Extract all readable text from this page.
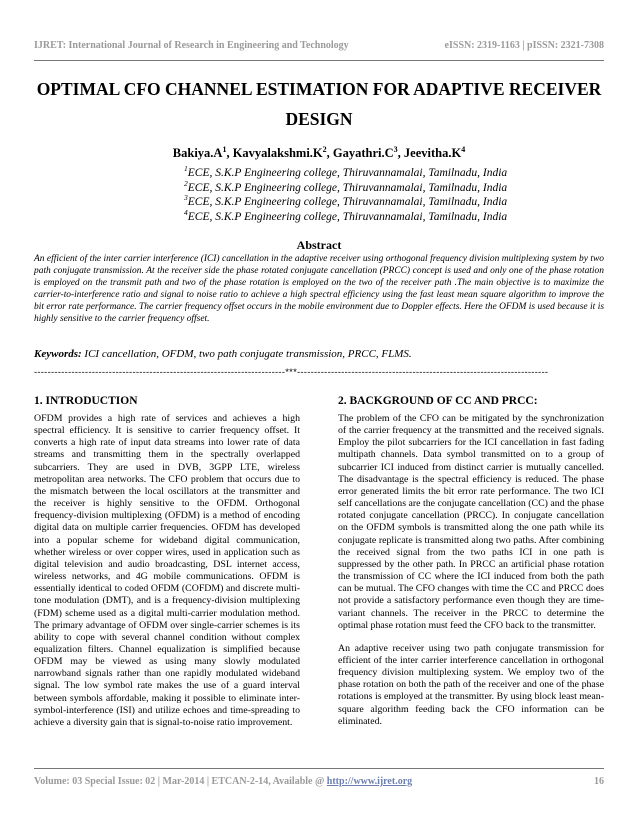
IJRET: International Journal of Research in Engineering and Technology	eISSN: 2319-1163 | pISSN: 2321-7308
OPTIMAL CFO CHANNEL ESTIMATION FOR ADAPTIVE RECEIVER DESIGN
$Bakiya.A^1$, $Kavyalakshmi.K^2$, $Gayathri.C^3$, $Jeevitha.K^4$
$^1$ECE, S.K.P Engineering college, Thiruvannamalai, Tamilnadu, India
$^2$ECE, S.K.P Engineering college, Thiruvannamalai, Tamilnadu, India
$^3$ECE, S.K.P Engineering college, Thiruvannamalai, Tamilnadu, India
$^4$ECE, S.K.P Engineering college, Thiruvannamalai, Tamilnadu, India
Abstract
An efficient of the inter carrier interference (ICI) cancellation in the adaptive receiver using orthogonal frequency division multiplexing system by two path conjugate transmission. At the receiver side the phase rotated conjugate cancellation (PRCC) concept is used and only one of the phase rotation is employed on the transmit path and two of the phase rotation is employed on the two of the receiver path .The main objective is to maximize the carrier-to-interference ratio and signal to noise ratio to achieve a high spectral efficiency using the fast least mean square algorithm to improve the bit error rate performance. The carrier frequency offset occurs in the mobile environment due to Doppler effects. Here the OFDM is used because it is highly sensitive to the carrier frequency offset.
Keywords: ICI cancellation, OFDM, two path conjugate transmission, PRCC, FLMS.
--------------------------------------------------------------------------***--------------------------------------------------------------------------
1. INTRODUCTION

OFDM provides a high rate of services and achieves a high spectral efficiency. It is sensitive to carrier frequency offset. It converts a high rate of input data streams into lower rate of data streams and transmitting them in the spectrally overlapped subcarriers. They are used in DVB, 3GPP LTE, wireless metropolitan area networks. The CFO problem that occurs due to the mismatch between the local oscillators at the transmitter and the receiver is highly sensitive to the OFDM. Orthogonal frequency-division multiplexing (OFDM) is a method of encoding digital data on multiple carrier frequencies. OFDM has developed into a popular scheme for wideband digital communication, whether wireless or over copper wires, used in application such as digital television and audio broadcasting, DSL internet access, wireless networks, and 4G mobile communications. OFDM is essentially identical to coded OFDM (COFDM) and discrete multi-tone modulation (DMT), and is a frequency-division multiplexing (FDM) scheme used as a digital multi-carrier modulation method. The primary advantage of OFDM over single-carrier schemes is its ability to cope with several channel condition without complex equalization filters. Channel equalization is simplified because OFDM may be viewed as using many slowly modulated narrowband signals rather than one rapidly modulated wideband signal. The low symbol rate makes the use of a guard interval between symbols affordable, making it possible to eliminate inter-symbol-interference (ISI) and utilize echoes and time-spreading to achieve a diversity gain that is signal-to-noise ratio improvement.

2. BACKGROUND OF CC AND PRCC:

The problem of the CFO can be mitigated by the synchronization of the carrier frequency at the transmitted and the received signals. Employ the pilot subcarriers for the ICI cancellation in fast fading multipath channels. Data symbol transmitted on to a group of subcarrier ICI induced from distinct carrier is mutually cancelled. The disadvantage is the spectral efficiency is reduced. The phase error generated limits the bit error rate performance. The two ICI self cancellations are the conjugate cancellation (CC) and the phase rotated conjugate cancellation (PRCC). In conjugate cancellation on the OFDM symbols is transmitted along the one path while its conjugate replicate is transmitted along two paths. After combining the received signal from the two paths ICI in one path is suppressed by the other path. In PRCC an artificial phase rotation the transmission of CC where the ICI induced from both the path can be mutual. The CFO changes with time the CC and PRCC does not provide a satisfactory performance even though they are time-variant channels. The receiver in the PRCC to determine the optimal phase rotation must feed the CFO back to the transmitter.

An adaptive receiver using two path conjugate transmission for efficient of the inter carrier interference cancellation in orthogonal frequency division multiplexing system. We employ two of the phase rotation on both the path of the receiver and one of the phase rotations is employed at the transmitter. By using block least mean-square algorithm feeding back the CFO information can be eliminated.

Volume: 03 Special Issue: 02 | Mar-2014 | ETCAN-2-14, Available @ http://www.ijret.org	16
